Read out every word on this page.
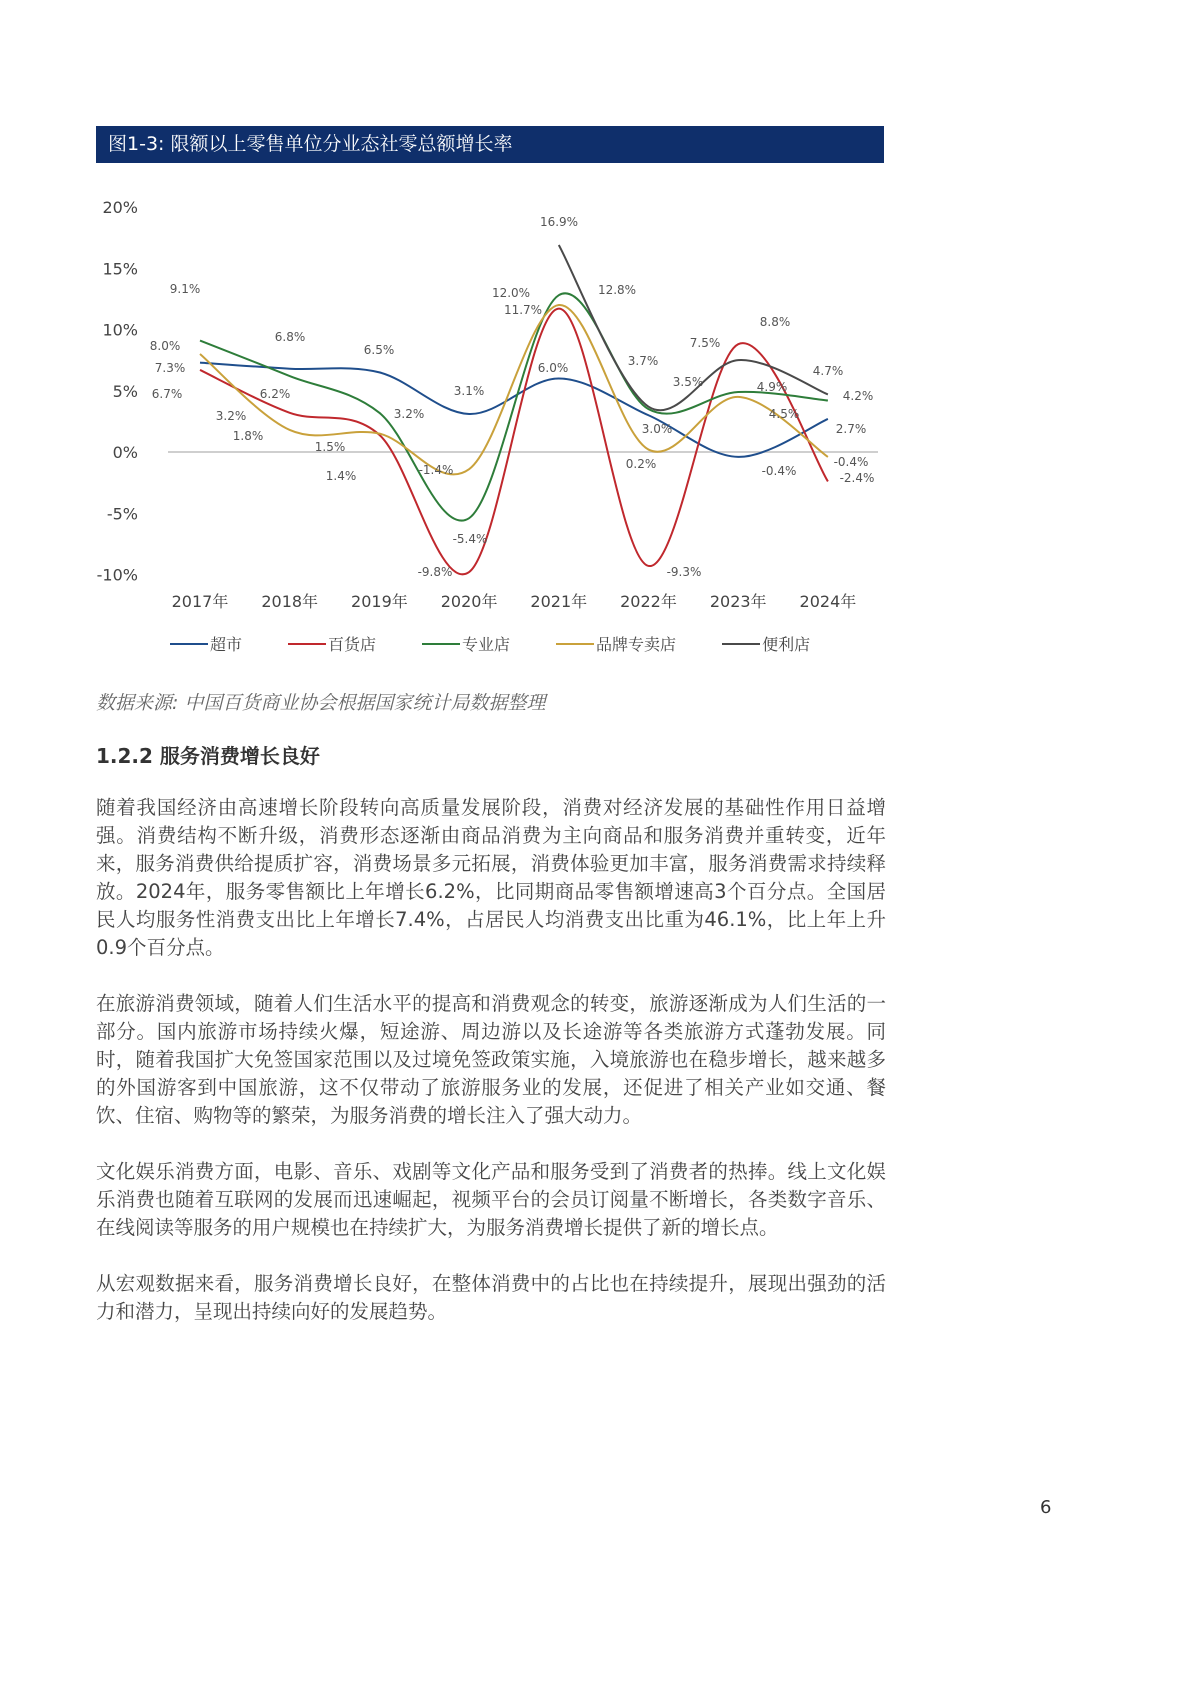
图1-3: 限额以上零售单位分业态社零总额增长率
20%
15%
10%
5%
0%
-5%
-10%
2017年 2018年 2019年 2020年 2021年 2022年 2023年 2024年
7.3%
6.8%
6.5%
3.1%
6.0%
3.0%
-0.4%
2.7%
6.7%
3.2%
1.4%
-9.8%
11.7%
-9.3%
8.8%
-2.4%
9.1%
6.2%
3.2%
-5.4%
12.8%
3.5%	4.9%
4.2%
8.0%
1.8%
1.5%
-1.4%
12.0%
0.2%
4.5%
-0.4%
16.9%
3.7%
7.5%
4.7%
超市	百货店	专业店	品牌专卖店	便利店
数据来源: 中国百货商业协会根据国家统计局数据整理
1.2.2 服务消费增长良好

随着我国经济由高速增长阶段转向高质量发展阶段，消费对经济发展的基础性作用日益增强。消费结构不断升级，消费形态逐渐由商品消费为主向商品和服务消费并重转变，近年来，服务消费供给提质扩容，消费场景多元拓展，消费体验更加丰富，服务消费需求持续释放。2024年，服务零售额比上年增长6.2%，比同期商品零售额增速高3个百分点。全国居民人均服务性消费支出比上年增长7.4%，占居民人均消费支出比重为46.1%，比上年上升0.9个百分点。

在旅游消费领域，随着人们生活水平的提高和消费观念的转变，旅游逐渐成为人们生活的一部分。国内旅游市场持续火爆，短途游、周边游以及长途游等各类旅游方式蓬勃发展。同时，随着我国扩大免签国家范围以及过境免签政策实施，入境旅游也在稳步增长，越来越多的外国游客到中国旅游，这不仅带动了旅游服务业的发展，还促进了相关产业如交通、餐饮、住宿、购物等的繁荣，为服务消费的增长注入了强大动力。

文化娱乐消费方面，电影、音乐、戏剧等文化产品和服务受到了消费者的热捧。线上文化娱乐消费也随着互联网的发展而迅速崛起，视频平台的会员订阅量不断增长，各类数字音乐、在线阅读等服务的用户规模也在持续扩大，为服务消费增长提供了新的增长点。

从宏观数据来看，服务消费增长良好，在整体消费中的占比也在持续提升，展现出强劲的活力和潜力，呈现出持续向好的发展趋势。

6
